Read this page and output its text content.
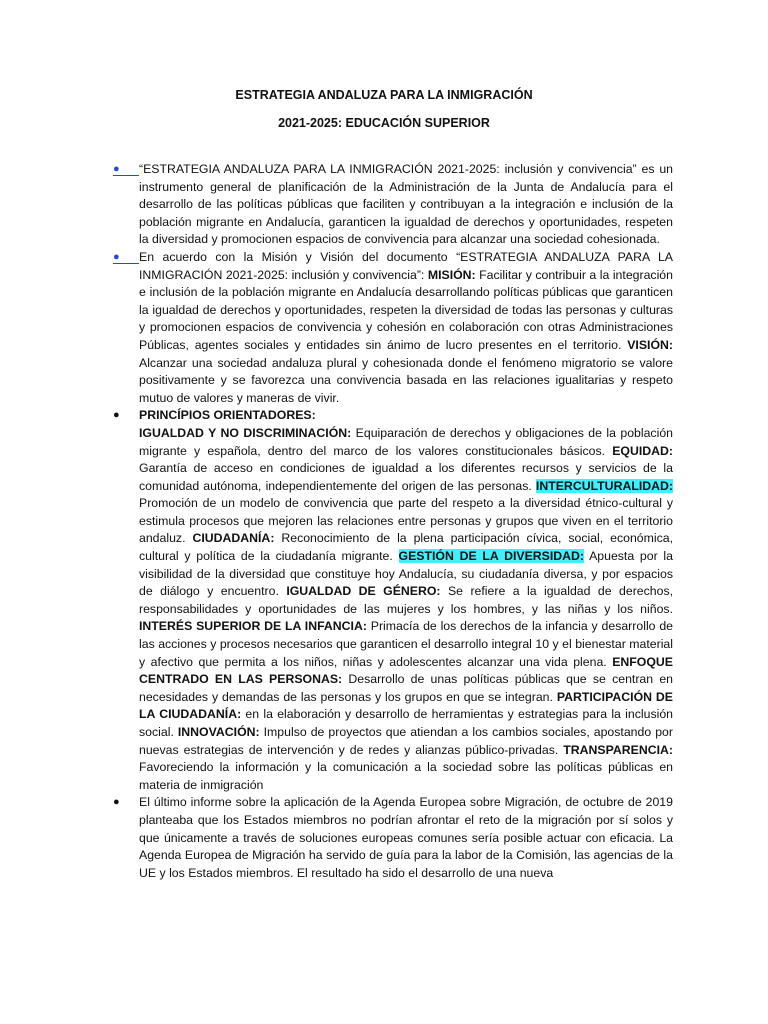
ESTRATEGIA ANDALUZA PARA LA INMIGRACIÓN
2021-2025: EDUCACIÓN SUPERIOR
● “ESTRATEGIA ANDALUZA PARA LA INMIGRACIÓN 2021-2025: inclusión y convivencia” es un instrumento general de planificación de la Administración de la Junta de Andalucía para el desarrollo de las políticas públicas que faciliten y contribuyan a la integración e inclusión de la población migrante en Andalucía, garanticen la igualdad de derechos y oportunidades, respeten la diversidad y promocionen espacios de convivencia para alcanzar una sociedad cohesionada.
● En acuerdo con la Misión y Visión del documento “ESTRATEGIA ANDALUZA PARA LA INMIGRACIÓN 2021-2025: inclusión y convivencia”: MISIÓN: Facilitar y contribuir a la integración e inclusión de la población migrante en Andalucía desarrollando políticas públicas que garanticen la igualdad de derechos y oportunidades, respeten la diversidad de todas las personas y culturas y promocionen espacios de convivencia y cohesión en colaboración con otras Administraciones Públicas, agentes sociales y entidades sin ánimo de lucro presentes en el territorio. VISIÓN: Alcanzar una sociedad andaluza plural y cohesionada donde el fenómeno migratorio se valore positivamente y se favorezca una convivencia basada en las relaciones igualitarias y respeto mutuo de valores y maneras de vivir.
● PRINCÍPIOS ORIENTADORES:
IGUALDAD Y NO DISCRIMINACIÓN: Equiparación de derechos y obligaciones de la población migrante y española, dentro del marco de los valores constitucionales básicos. EQUIDAD: Garantía de acceso en condiciones de igualdad a los diferentes recursos y servicios de la comunidad autónoma, independientemente del origen de las personas. INTERCULTURALIDAD: Promoción de un modelo de convivencia que parte del respeto a la diversidad étnico-cultural y estimula procesos que mejoren las relaciones entre personas y grupos que viven en el territorio andaluz. CIUDADANÍA: Reconocimiento de la plena participación cívica, social, económica, cultural y política de la ciudadanía migrante. GESTIÓN DE LA DIVERSIDAD: Apuesta por la visibilidad de la diversidad que constituye hoy Andalucía, su ciudadanía diversa, y por espacios de diálogo y encuentro. IGUALDAD DE GÉNERO: Se refiere a la igualdad de derechos, responsabilidades y oportunidades de las mujeres y los hombres, y las niñas y los niños. INTERÉS SUPERIOR DE LA INFANCIA: Primacía de los derechos de la infancia y desarrollo de las acciones y procesos necesarios que garanticen el desarrollo integral 10 y el bienestar material y afectivo que permita a los niños, niñas y adolescentes alcanzar una vida plena. ENFOQUE CENTRADO EN LAS PERSONAS: Desarrollo de unas políticas públicas que se centran en necesidades y demandas de las personas y los grupos en que se integran. PARTICIPACIÓN DE LA CIUDADANÍA: en la elaboración y desarrollo de herramientas y estrategias para la inclusión social. INNOVACIÓN: Impulso de proyectos que atiendan a los cambios sociales, apostando por nuevas estrategias de intervención y de redes y alianzas público-privadas. TRANSPARENCIA: Favoreciendo la información y la comunicación a la sociedad sobre las políticas públicas en materia de inmigración
● El último informe sobre la aplicación de la Agenda Europea sobre Migración, de octubre de 2019 planteaba que los Estados miembros no podrían afrontar el reto de la migración por sí solos y que únicamente a través de soluciones europeas comunes sería posible actuar con eficacia. La Agenda Europea de Migración ha servido de guía para la labor de la Comisión, las agencias de la UE y los Estados miembros. El resultado ha sido el desarrollo de una nueva
